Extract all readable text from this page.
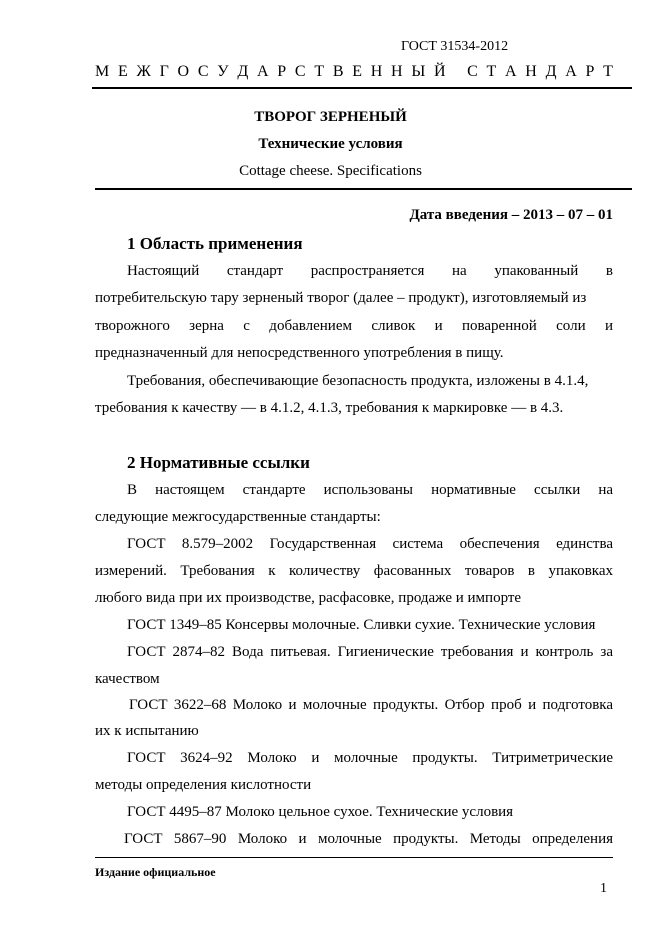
ГОСТ 31534-2012
М Е Ж Г О С У Д А Р С Т В Е Н Н Ы Й
С Т А Н Д А Р Т
ТВОРОГ ЗЕРНЕНЫЙ
Технические условия
Cottage cheese. Specifications
Дата введения – 2013 – 07 – 01
1 Область применения
Настоящий стандарт распространяется на упакованный в
потребительскую тару зерненый творог (далее – продукт), изготовляемый из
творожного зерна с добавлением сливок и поваренной соли и
предназначенный для непосредственного употребления в пищу.
Требования, обеспечивающие безопасность продукта, изложены в 4.1.4,
требования к качеству — в 4.1.2, 4.1.3, требования к маркировке — в 4.3.
2 Нормативные ссылки
В настоящем стандарте использованы нормативные ссылки на
следующие межгосударственные стандарты:
ГОСТ 8.579–2002 Государственная система обеспечения единства
измерений. Требования к количеству фасованных товаров в упаковках
любого вида при их производстве, расфасовке, продаже и импорте
ГОСТ 1349–85 Консервы молочные. Сливки сухие. Технические условия
ГОСТ 2874–82 Вода питьевая. Гигиенические требования и контроль за
качеством
ГОСТ 3622–68 Молоко и молочные продукты. Отбор проб и подготовка
их к испытанию
ГОСТ 3624–92 Молоко и молочные продукты. Титриметрические
методы определения кислотности
ГОСТ 4495–87 Молоко цельное сухое. Технические условия
ГОСТ 5867–90 Молоко и молочные продукты. Методы определения
Издание официальное
1
